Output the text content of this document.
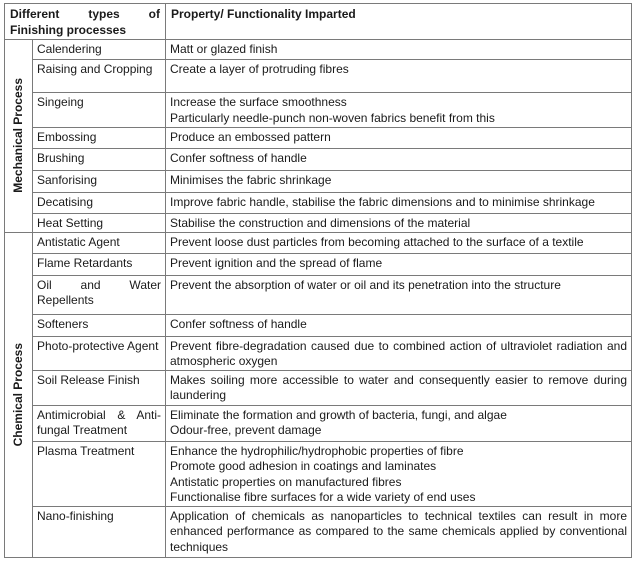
Different types of Finishing processes		Property/ Functionality Imparted

Mechanical Process	Calendering	Matt or glazed finish

	Raising and Cropping	Create a layer of protruding fibres

	Singeing	Increase the surface smoothness
Particularly needle-punch non-woven fabrics benefit from this

	Embossing	Produce an embossed pattern

	Brushing	Confer softness of handle

	Sanforising	Minimises the fabric shrinkage

	Decatising	Improve fabric handle, stabilise the fabric dimensions and to minimise shrinkage

	Heat Setting	Stabilise the construction and dimensions of the material

Chemical Process	Antistatic Agent	Prevent loose dust particles from becoming attached to the surface of a textile

	Flame Retardants	Prevent ignition and the spread of flame

	Oil and Water Repellents	Prevent the absorption of water or oil and its penetration into the structure

	Softeners	Confer softness of handle

	Photo-protective Agent	Prevent fibre-degradation caused due to combined action of ultraviolet radiation and atmospheric oxygen

	Soil Release Finish	Makes soiling more accessible to water and consequently easier to remove during laundering

	Antimicrobial & Anti-fungal Treatment	Eliminate the formation and growth of bacteria, fungi, and algae
Odour-free, prevent damage

	Plasma Treatment	Enhance the hydrophilic/hydrophobic properties of fibre
Promote good adhesion in coatings and laminates
Antistatic properties on manufactured fibres
Functionalise fibre surfaces for a wide variety of end uses

	Nano-finishing	Application of chemicals as nanoparticles to technical textiles can result in more enhanced performance as compared to the same chemicals applied by conventional techniques
